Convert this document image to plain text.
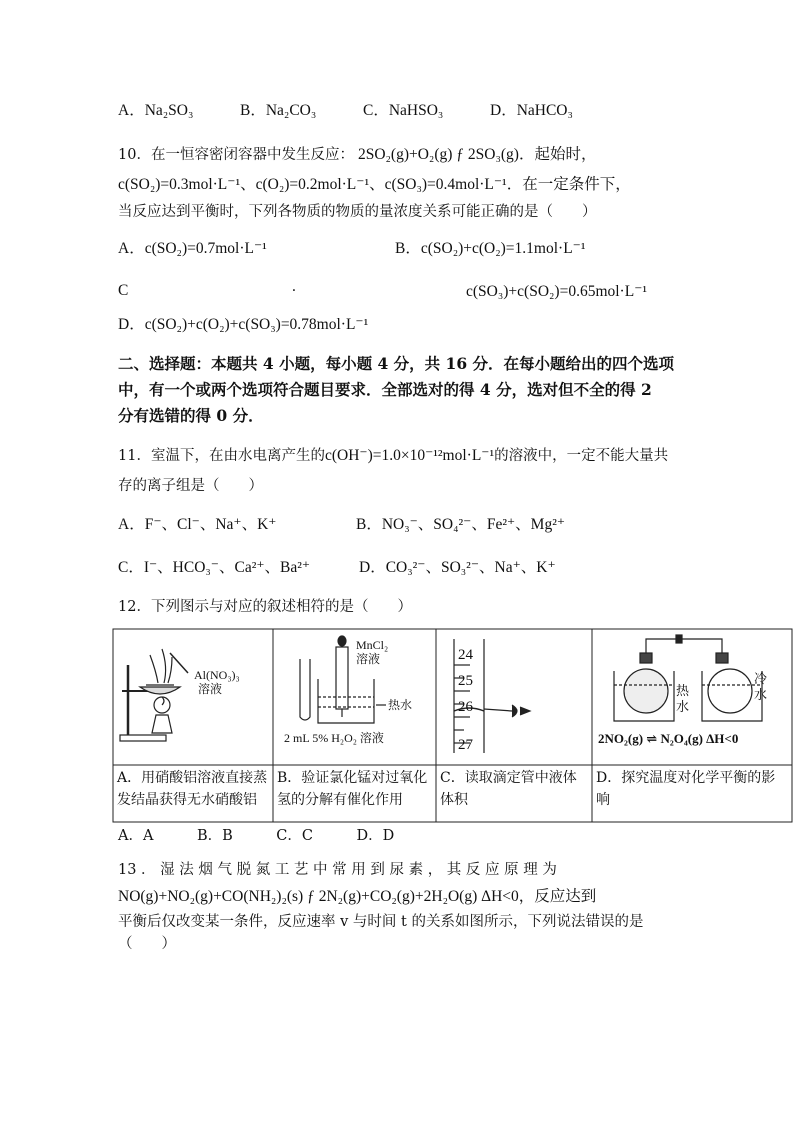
A．Na₂SO₃	B．Na₂CO₃	C．NaHSO₃	D．NaHCO₃
10．在一恒容密闭容器中发生反应： 2SO₂(g)+O₂(g) ƒ 2SO₃(g)．起始时，
c(SO₂)=0.3mol·L⁻¹、c(O₂)=0.2mol·L⁻¹、c(SO₃)=0.4mol·L⁻¹．在一定条件下，
当反应达到平衡时，下列各物质的物质的量浓度关系可能正确的是（　　）
A．c(SO₂)=0.7mol·L⁻¹	B．c(SO₂)+c(O₂)=1.1mol·L⁻¹
C	.	c(SO₃)+c(SO₂)=0.65mol·L⁻¹
D．c(SO₂)+c(O₂)+c(SO₃)=0.78mol·L⁻¹
二、选择题：本题共 4 小题，每小题 4 分，共 16 分．在每小题给出的四个选项
中，有一个或两个选项符合题目要求．全部选对的得 4 分，选对但不全的得 2
分有选错的得 0 分．
11．室温下，在由水电离产生的c(OH⁻)=1.0×10⁻¹²mol·L⁻¹的溶液中，一定不能大量共
存的离子组是（　　）
A．F⁻、Cl⁻、Na⁺、K⁺	B．NO₃⁻、SO₄²⁻、Fe²⁺、Mg²⁺
C．I⁻、HCO₃⁻、Ca²⁺、Ba²⁺	D．CO₃²⁻、SO₃²⁻、Na⁺、K⁺
12．下列图示与对应的叙述相符的是（　　）
Al(NO₃)₃
溶液
MnCl₂
溶液
热水
2 mL 5% H₂O₂ 溶液
24
25
26
27
热
水
冷
水
2NO₂(g) ⇌ N₂O₄(g) ΔH<0
A．用硝酸铝溶液直接蒸发结晶获得无水硝酸铝
B．验证氯化锰对过氧化氢的分解有催化作用
C．读取滴定管中液体体积
D．探究温度对化学平衡的影响
A．A　　　B．B　　　C．C　　　D．D
13 ． 湿 法 烟 气 脱 氮 工 艺 中 常 用 到 尿 素 ， 其 反 应 原 理 为
NO(g)+NO₂(g)+CO(NH₂)₂(s) ƒ 2N₂(g)+CO₂(g)+2H₂O(g) ΔH<0，反应达到
平衡后仅改变某一条件，反应速率 v 与时间 t 的关系如图所示，下列说法错误的是
（　　）
